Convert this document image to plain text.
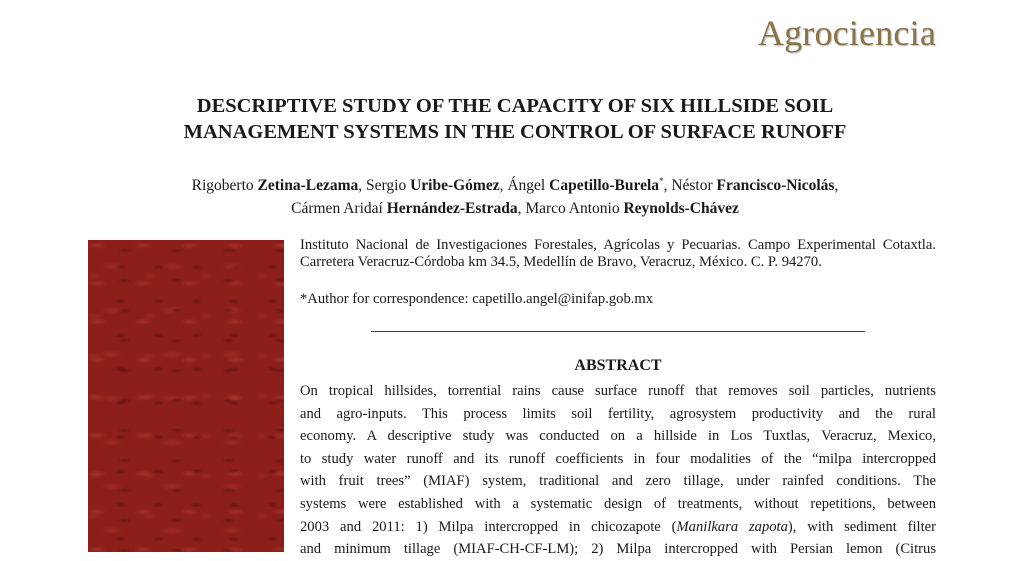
Agrociencia
DESCRIPTIVE STUDY OF THE CAPACITY OF SIX HILLSIDE SOIL
MANAGEMENT SYSTEMS IN THE CONTROL OF SURFACE RUNOFF
Rigoberto Zetina-Lezama, Sergio Uribe-Gómez, Ángel Capetillo-Burela*, Néstor Francisco-Nicolás,
Cármen Aridaí Hernández-Estrada, Marco Antonio Reynolds-Chávez

Instituto Nacional de Investigaciones Forestales, Agrícolas y Pecuarias. Campo Experimental Cotaxtla. Carretera Veracruz-Córdoba km 34.5, Medellín de Bravo, Veracruz, México. C. P. 94270.

*Author for correspondence: capetillo.angel@inifap.gob.mx
ABSTRACT
On tropical hillsides, torrential rains cause surface runoff that removes soil particles, nutrients
and agro-inputs. This process limits soil fertility, agrosystem productivity and the rural
economy. A descriptive study was conducted on a hillside in Los Tuxtlas, Veracruz, Mexico,
to study water runoff and its runoff coefficients in four modalities of the “milpa intercropped
with fruit trees” (MIAF) system, traditional and zero tillage, under rainfed conditions. The
systems were established with a systematic design of treatments, without repetitions, between
2003 and 2011: 1) Milpa intercropped in chicozapote (Manilkara zapota), with sediment filter
and minimum tillage (MIAF-CH-CF-LM); 2) Milpa intercropped with Persian lemon (Citrus
